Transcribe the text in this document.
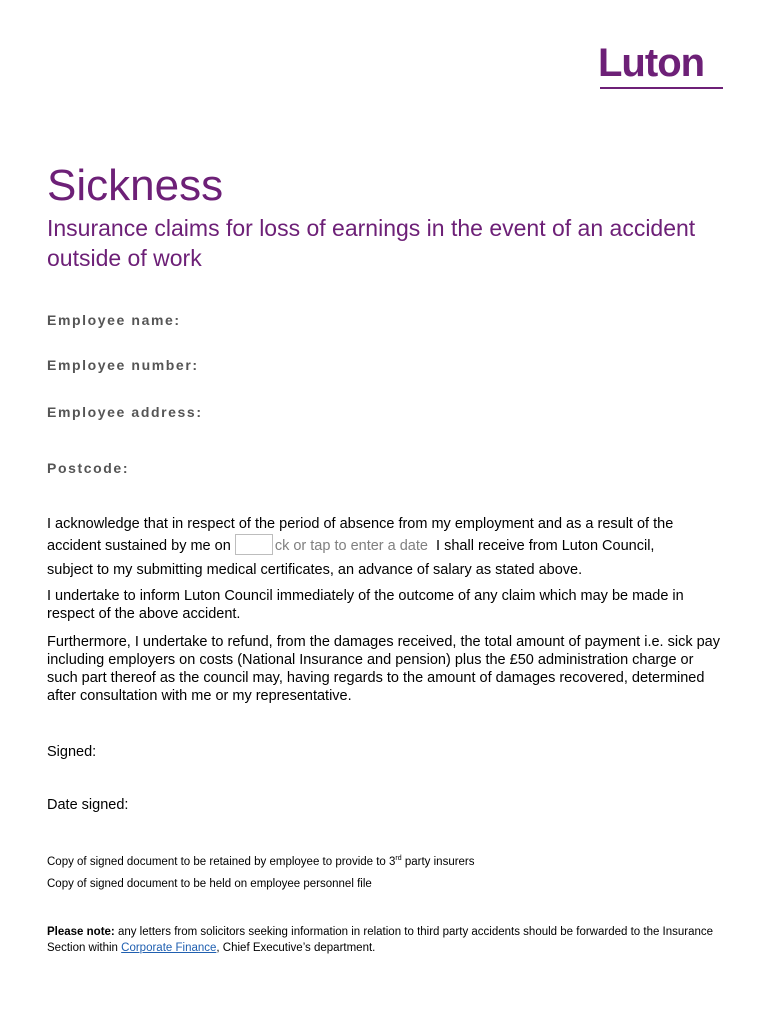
Luton
Sickness
Insurance claims for loss of earnings in the event of an accident outside of work
Employee name:
Employee number:
Employee address:
Postcode:
I acknowledge that in respect of the period of absence from my employment and as a result of the
accident sustained by me on	ck or tap to enter a date I shall receive from Luton Council,
subject to my submitting medical certificates, an advance of salary as stated above.
I undertake to inform Luton Council immediately of the outcome of any claim which may be made in respect of the above accident.
Furthermore, I undertake to refund, from the damages received, the total amount of payment i.e. sick pay including employers on costs (National Insurance and pension) plus the £50 administration charge or such part thereof as the council may, having regards to the amount of damages recovered, determined after consultation with me or my representative.
Signed:
Date signed:
Copy of signed document to be retained by employee to provide to 3rd party insurers
Copy of signed document to be held on employee personnel file
Please note: any letters from solicitors seeking information in relation to third party accidents should be forwarded to the Insurance Section within Corporate Finance, Chief Executive’s department.
